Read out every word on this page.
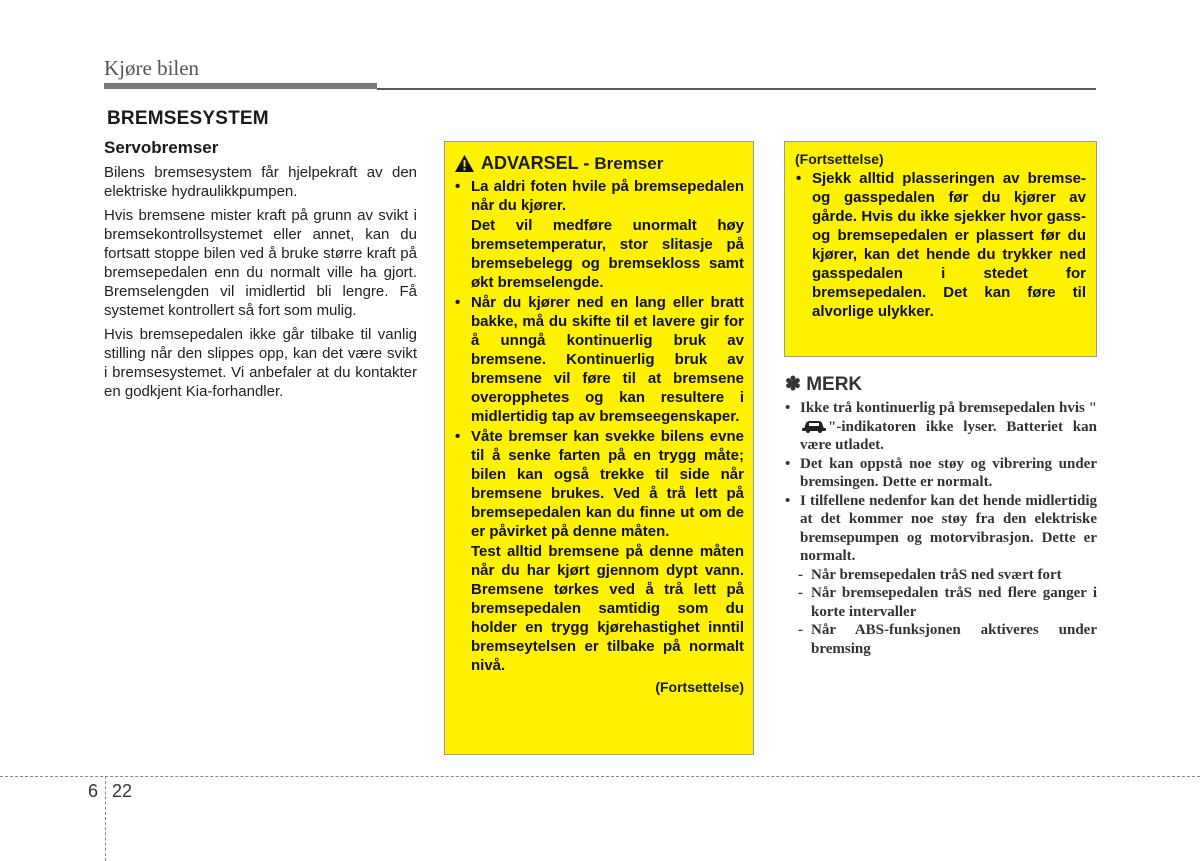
Kjøre bilen
BREMSESYSTEM
Servobremser

Bilens bremsesystem får hjelpekraft av den elektriske hydraulikkpumpen.

Hvis bremsene mister kraft på grunn av svikt i bremsekontrollsystemet eller annet, kan du fortsatt stoppe bilen ved å bruke større kraft på bremsepedalen enn du normalt ville ha gjort. Bremselengden vil imidlertid bli lengre. Få systemet kontrollert så fort som mulig.

Hvis bremsepedalen ikke går tilbake til vanlig stilling når den slippes opp, kan det være svikt i bremsesystemet. Vi anbefaler at du kontakter en godkjent Kia-forhandler.

ADVARSEL - Bremser

• La aldri foten hvile på bremsepedalen når du kjører.

Det vil medføre unormalt høy bremsetemperatur, stor slitasje på bremsebelegg og bremsekloss samt økt bremselengde.

• Når du kjører ned en lang eller bratt bakke, må du skifte til et lavere gir for å unngå kontinuerlig bruk av bremsene. Kontinuerlig bruk av bremsene vil føre til at bremsene overopphetes og kan resultere i midlertidig tap av bremseegenskaper.

• Våte bremser kan svekke bilens evne til å senke farten på en trygg måte; bilen kan også trekke til side når bremsene brukes. Ved å trå lett på bremsepedalen kan du finne ut om de er påvirket på denne måten.

Test alltid bremsene på denne måten når du har kjørt gjennom dypt vann. Bremsene tørkes ved å trå lett på bremsepedalen samtidig som du holder en trygg kjørehastighet inntil bremseytelsen er tilbake på normalt nivå.

(Fortsettelse)
(Fortsettelse)

• Sjekk alltid plasseringen av bremse- og gasspedalen før du kjører av gårde. Hvis du ikke sjekker hvor gass- og bremsepedalen er plassert før du kjører, kan det hende du trykker ned gasspedalen i stedet for bremsepedalen. Det kan føre til alvorlige ulykker.

✽ MERK
• Ikke trå kontinuerlig på bremsepedalen hvis ""-indikatoren ikke lyser. Batteriet kan være utladet.
• Det kan oppstå noe støy og vibrering under bremsingen. Dette er normalt.
• I tilfellene nedenfor kan det hende midlertidig at det kommer noe støy fra den elektriske bremsepumpen og motorvibrasjon. Dette er normalt.
- Når bremsepedalen tråS ned svært fort
- Når bremsepedalen tråS ned flere ganger i korte intervaller
- Når ABS-funksjonen aktiveres under bremsing
6 22
